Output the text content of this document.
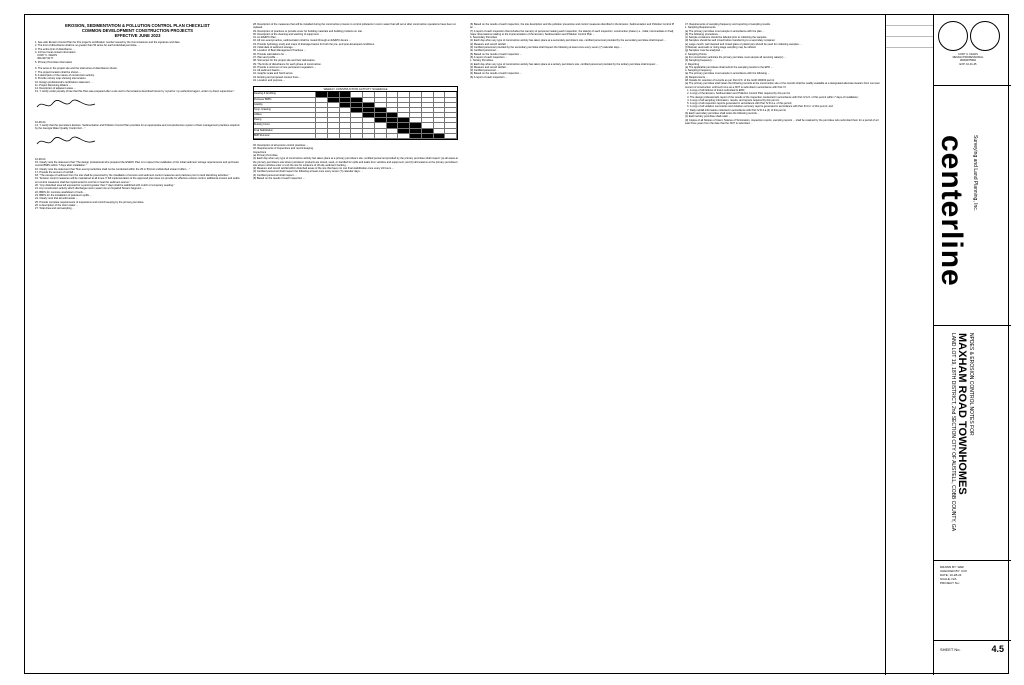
EROSION, SEDIMENTATION & POLLUTION CONTROL PLAN CHECKLIST
COMMON DEVELOPMENT CONSTRUCTION PROJECTS
EFFECTIVE JUNE 2023
1. See web Erosion Control Plan for this project's certification number issued by the Commissioner and the signature and date.
2. The limit of disturbance shall be no greater than 50 acres for each individual permittee. ...
3. The entire limit of disturbance ...
4. 24 hour local contact information:
CORY C. FELDS
404-907-9177
5. Primary Permittee information
...
6. The acres in the project site and the total acres of disturbance shown.
7. The project location shall be shown ...
8. A description of the nature of construction activity.
9. Provide vicinity map showing site location.
10. Design professional's certification statement ...
11. Project Receiving Waters ...
12. Description of adjacent areas ...
13. "I certify under penalty of law that this Plan was prepared after a site visit to the locations described herein by myself or my authorized agent, under my direct supervision."
10-28-24
14. "I certify that the permittee's Erosion, Sedimentation and Pollution Control Plan provides for an appropriate and comprehensive system of best management practices required by the Georgia Water Quality Control Act ..."
10-28-24
15. Clearly note the statement that "The design professional who prepared the ES&PC Plan is to inspect the installation of the initial sediment storage requirements and perimeter control BMPs within 7 days after installation."
16. Clearly note the statement that "Non-exempt activities shall not be conducted within the 25 or 50-foot undisturbed stream buffers ..."
17. Provide the amount of rainfall ...
18. "The escape of sediment from the site shall be prevented by the installation of erosion and sediment control measures and practices prior to land disturbing activities."
19. "Erosion control measures will be maintained at all times. If full implementation of the approved plan does not provide for effective erosion control, additional erosion and sediment control measures shall be implemented to control or treat the sediment source."
20. "Any disturbed area left exposed for a period greater than 7 days shall be stabilized with mulch or temporary seeding."
21. Any construction activity which discharges storm water into an Impaired Stream Segment ...
22. BMPs for concrete washdown of tools ...
23. BMPs for the installation of petroleum spills ...
24. Clearly note that all solid waste ...
25. Provide complete requirements of inspections and record keeping by the primary permittee.
26. A description of the storm water ...
27. Total Area and soil sampling ...
28. Description of the measures that will be installed during the construction process to control pollutants in storm water that will occur after construction operations have been completed.
29. Description of practices to provide cover for building materials and building products on site.
30. Description of the cleaning and washing of equipment ...
31. An ES&PC Plan ...
32. All non-exempt active, sedimentation shall be routed through an ES&PC device ...
33. Provide hydrology study and maps of drainage basins for both the pre- and post-developed conditions.
34. Initial date of sediment storage ...
35. Location of Best Management Practices ...
36. Provide calculations for ...
37. Plan and profile ...
38. Soil series for the project site and their delineation.
39. The limits of disturbance for each phase of construction.
40. Provide a minimum of one permanent vegetation ...
41. All sediment basins ...
42. Graphic scale and North arrow.
43. Existing and proposed contour lines ...
44. Location and purpose ...
WEEKLY CONSTRUCTION ACTIVITY SCHEDULE
Clearing & Grubbing
Perimeter BMPs
Grading
Temp. Grassing
Utilities
Paving
Building Const.
Final Stabilization
BMP Removal
45. Description of all erosion control practices ...
46. Requirements of Inspections and record keeping.
Inspections
(a) Primary Permittee
(1) Each day when any type of construction activity has taken place at a primary permittee's site, certified personnel provided by the primary permittee shall inspect: (a) all areas at the primary permittee's site where petroleum products are stored, used, or handled for spills and leaks from vehicles and equipment; and (b) all locations at the primary permittee's site where vehicles enter or exit the site for evidence of off-site sediment tracking ...
(2) Measure and record rainfall within disturbed areas of the site that have not met final stabilization once every 24 hours ...
(3) Certified personnel shall inspect the following at least once every seven (7) calendar days ...
(4) Certified personnel shall inspect ...
(5) Based on the results of each inspection ...
(6) Based on the results of each inspection, the site description and the pollution prevention and control measures identified in the Erosion, Sedimentation and Pollution Control Plan ...
(7) A report of each inspection that includes the name(s) of personnel making each inspection, the date(s) of each inspection, construction phase (i.e., initial, intermediate or final), major observations relating to the implementation of the Erosion, Sedimentation and Pollution Control Plan ...
b. Secondary Permittee
(1) Each day when any type of construction activity has taken place at a secondary permittee's site, certified personnel provided by the secondary permittee shall inspect ...
(2) Measure and record rainfall ...
(3) Certified personnel provided by the secondary permittee shall inspect the following at least once every seven (7) calendar days ...
(4) Certified personnel ...
(5) Based on the results of each inspection ...
(6) A report of each inspection ...
c. Tertiary Permittee
(1) Each day when any type of construction activity has taken place at a tertiary permittee's site, certified personnel provided by the tertiary permittee shall inspect ...
(2) Measure and record rainfall ...
(3) Certified personnel ...
(4) Based on the results of each inspection ...
(5) A report of each inspection ...
47. Requirements of sampling frequency and reporting of sampling results.
1. Sampling Requirements
(a) The primary permittee must sample in accordance with the plan ...
(b) The following procedures ...
(c) Sample containers should be labeled prior to collecting the samples.
(d) Samples should be well mixed before transferring to a secondary container.
(e) Large mouth, well cleaned and rinsed glass or plastic jars should be used for collecting samples ...
(f) Manual, automatic or rising stage sampling may be utilized.
(g) Samples must be analyzed ...
2. Sampling Points
(a) For construction activities the primary permittee must sample all receiving water(s) ...
(b) Sampling frequency ...
3. Reporting
(a) The applicable permittees shall submit the sampling results to the EPD ...
4. Sampling Frequency
(a) The primary permittee must sample in accordance with the following ...
(b) Requirements ...
48. Details for retention of records as per Part IV.F. of the GAR 100003 permit.
(a) The primary permittee shall retain the following records at the construction site or the records shall be readily available at a designated alternate location from commencement of construction until such time as a NOT is submitted in accordance with Part VI:
1. A copy of all Notices of Intent submitted to EPD;
2. A copy of the Erosion, Sedimentation and Pollution Control Plan required by this permit;
3. The design professional's report of the results of the inspection conducted in accordance with Part IV.A.5. of this permit within 7 days of installation;
4. A copy of all sampling information, results, and reports required by this permit;
5. A copy of all inspection reports generated in accordance with Part IV.D.4.a. of this permit;
6. A copy of all violation summaries and violation summary reports generated in accordance with Part III.D.2. of this permit; and
7. Daily rainfall information collected in accordance with Part IV.D.4.a.(2) of this permit.
(b) Each secondary permittee shall retain the following records ...
(c) Each tertiary permittee shall retain ...
(d) Copies of all Notices of Intent, Notices of Termination, inspection reports, sampling reports ... shall be retained by the permittee who submitted them for a period of at least three years from the date that the NOT is submitted ...
CORY C. FELDS
DESIGN PROFESSIONAL
#0000075592
EXP: 10-31-25
centerline Surveying and Land Planning, Inc.
NPDES & EROSION CONTROL NOTES FOR
MAXHAM ROAD TOWNHOMES
LAND LOT 19, 18TH DISTRICT, 2nd SECTION CITY OF AUSTELL, COBB COUNTY, GA
DRAWN BY: WEF
CHECKED BY: CCF
DATE: 10-28-24
SCALE: N/A
PROJECT No.:
SHEET No.	4.5
